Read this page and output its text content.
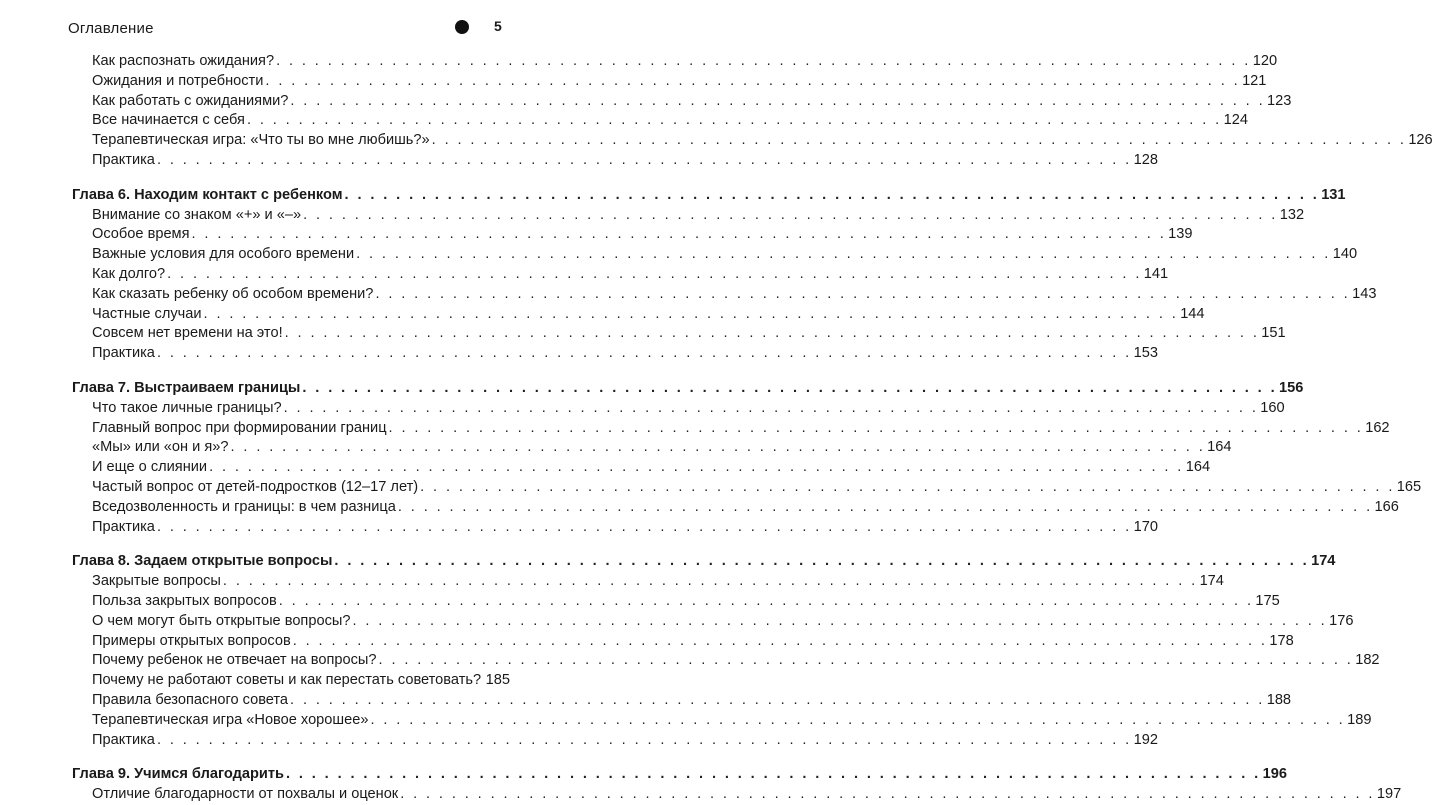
Оглавление	5
Как распознать ожидания? . . .	120
Ожидания и потребности . . .	121
Как работать с ожиданиями? . . .	123
Все начинается с себя . . .	124
Терапевтическая игра: «Что ты во мне любишь?» . . .	126
Практика . . .	128
Глава 6. Находим контакт с ребенком . . .	131
Внимание со знаком «+» и «–» . . .	132
Особое время . . .	139
Важные условия для особого времени . . .	140
Как долго? . . .	141
Как сказать ребенку об особом времени? . . .	143
Частные случаи . . .	144
Совсем нет времени на это! . . .	151
Практика . . .	153
Глава 7. Выстраиваем границы . . .	156
Что такое личные границы? . . .	160
Главный вопрос при формировании границ . . .	162
«Мы» или «он и я»? . . .	164
И еще о слиянии . . .	164
Частый вопрос от детей-подростков (12–17 лет) . . .	165
Вседозволенность и границы: в чем разница . . .	166
Практика . . .	170
Глава 8. Задаем открытые вопросы . . .	174
Закрытые вопросы . . .	174
Польза закрытых вопросов . . .	175
О чем могут быть открытые вопросы? . . .	176
Примеры открытых вопросов . . .	178
Почему ребенок не отвечает на вопросы? . . .	182
Почему не работают советы и как перестать советовать? . . . 185
Правила безопасного совета . . .	188
Терапевтическая игра «Новое хорошее» . . .	189
Практика . . .	192
Глава 9. Учимся благодарить . . .	196
Отличие благодарности от похвалы и оценок . . .	197
